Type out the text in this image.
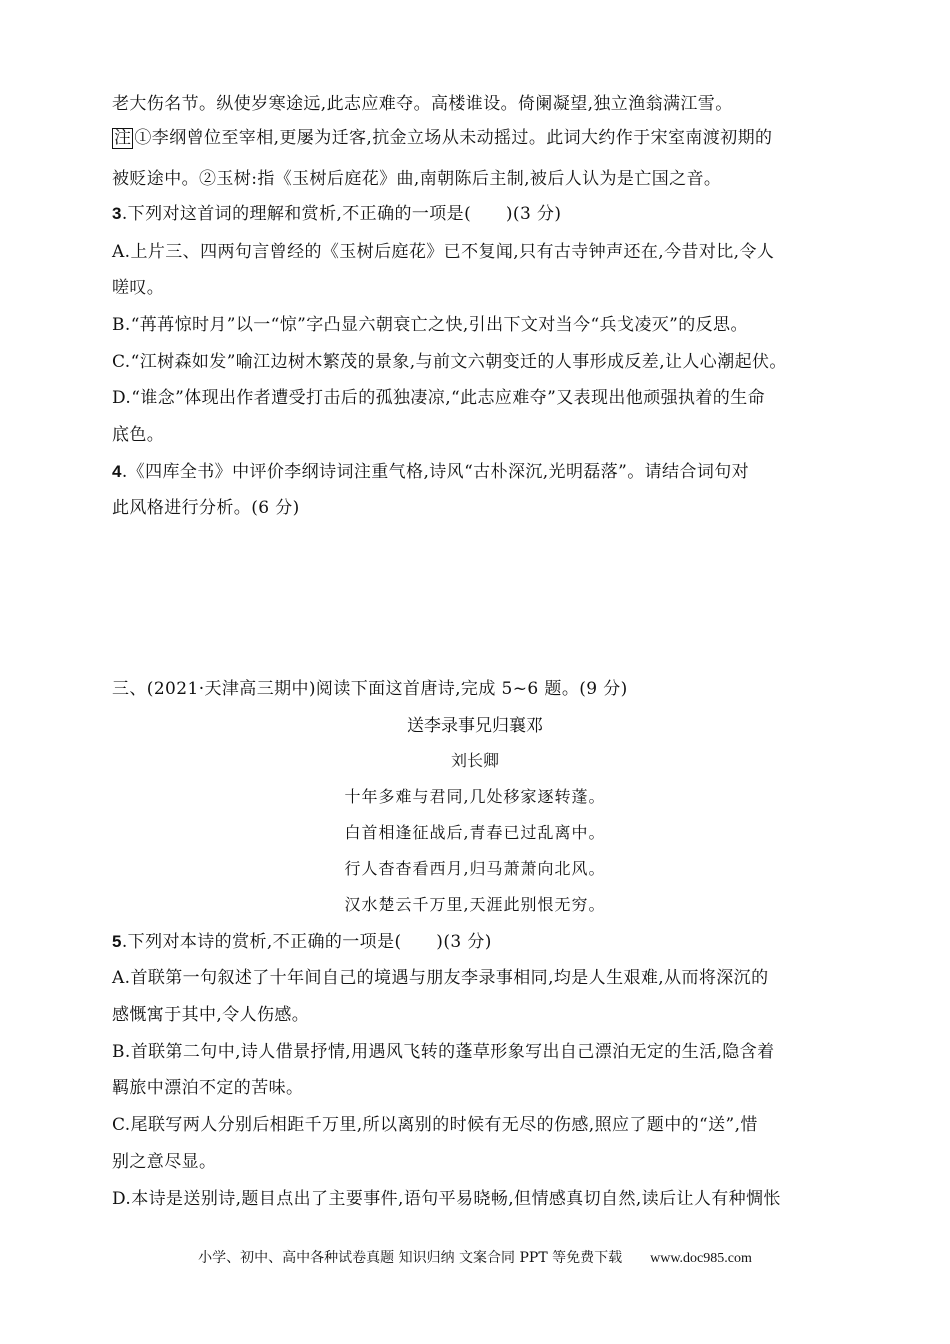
老大伤名节。纵使岁寒途远,此志应难夺。高楼谁设。倚阑凝望,独立渔翁满江雪。
注 ①李纲曾位至宰相,更屡为迁客,抗金立场从未动摇过。此词大约作于宋室南渡初期的
被贬途中。②玉树:指《玉树后庭花》曲,南朝陈后主制,被后人认为是亡国之音。
3.下列对这首词的理解和赏析,不正确的一项是(　　)(3 分)
A.上片三、四两句言曾经的《玉树后庭花》已不复闻,只有古寺钟声还在,今昔对比,令人
嗟叹。
B.“苒苒惊时月”以一“惊”字凸显六朝衰亡之快,引出下文对当今“兵戈凌灭”的反思。
C.“江树森如发”喻江边树木繁茂的景象,与前文六朝变迁的人事形成反差,让人心潮起伏。
D.“谁念”体现出作者遭受打击后的孤独凄凉,“此志应难夺”又表现出他顽强执着的生命
底色。
4.《四库全书》中评价李纲诗词注重气格,诗风“古朴深沉,光明磊落”。请结合词句对
此风格进行分析。(6 分)
三、(2021·天津高三期中)阅读下面这首唐诗,完成 5~6 题。(9 分)
送李录事兄归襄邓
刘长卿
十年多难与君同,几处移家逐转蓬。
白首相逢征战后,青春已过乱离中。
行人杳杳看西月,归马萧萧向北风。
汉水楚云千万里,天涯此别恨无穷。
5.下列对本诗的赏析,不正确的一项是(　　)(3 分)
A.首联第一句叙述了十年间自己的境遇与朋友李录事相同,均是人生艰难,从而将深沉的
感慨寓于其中,令人伤感。
B.首联第二句中,诗人借景抒情,用遇风飞转的蓬草形象写出自己漂泊无定的生活,隐含着
羁旅中漂泊不定的苦味。
C.尾联写两人分别后相距千万里,所以离别的时候有无尽的伤感,照应了题中的“送”,惜
别之意尽显。
D.本诗是送别诗,题目点出了主要事件,语句平易晓畅,但情感真切自然,读后让人有种惆怅
小学、初中、高中各种试卷真题 知识归纳 文案合同 PPT 等免费下载 www.doc985.com
